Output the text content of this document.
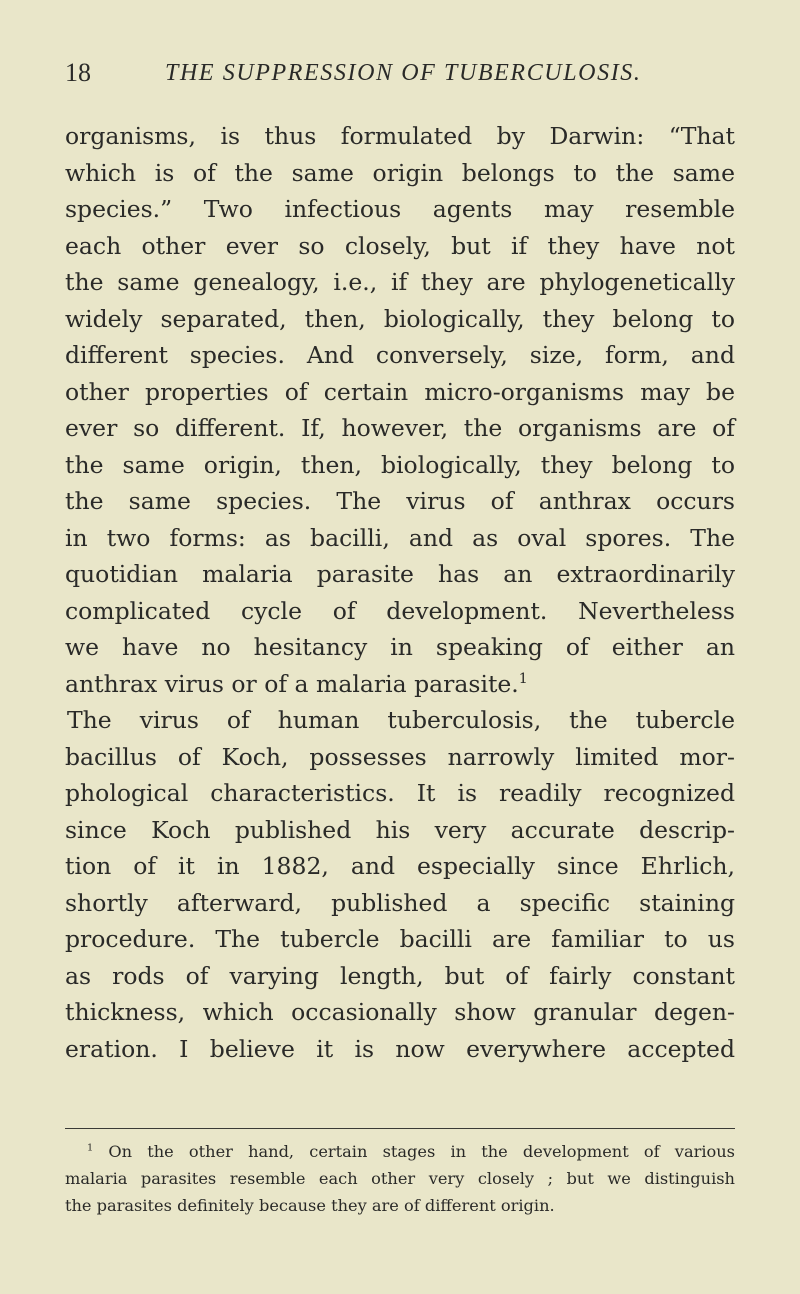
18	THE SUPPRESSION OF TUBERCULOSIS.
organisms, is thus formulated by Darwin: “That
which is of the same origin belongs to the same
species.” Two infectious agents may resemble
each other ever so closely, but if they have not
the same genealogy, i.e., if they are phylogenetically
widely separated, then, biologically, they belong to
different species. And conversely, size, form, and
other properties of certain micro-organisms may be
ever so different. If, however, the organisms are of
the same origin, then, biologically, they belong to
the same species. The virus of anthrax occurs
in two forms: as bacilli, and as oval spores. The
quotidian malaria parasite has an extraordinarily
complicated cycle of development. Nevertheless
we have no hesitancy in speaking of either an
anthrax virus or of a malaria parasite.$^1$
The virus of human tuberculosis, the tubercle
bacillus of Koch, possesses narrowly limited mor-
phological characteristics. It is readily recognized
since Koch published his very accurate descrip-
tion of it in 1882, and especially since Ehrlich,
shortly afterward, published a specific staining
procedure. The tubercle bacilli are familiar to us
as rods of varying length, but of fairly constant
thickness, which occasionally show granular degen-
eration. I believe it is now everywhere accepted
$^1$ On the other hand, certain stages in the development of various
malaria parasites resemble each other very closely ; but we distinguish
the parasites definitely because they are of different origin.
